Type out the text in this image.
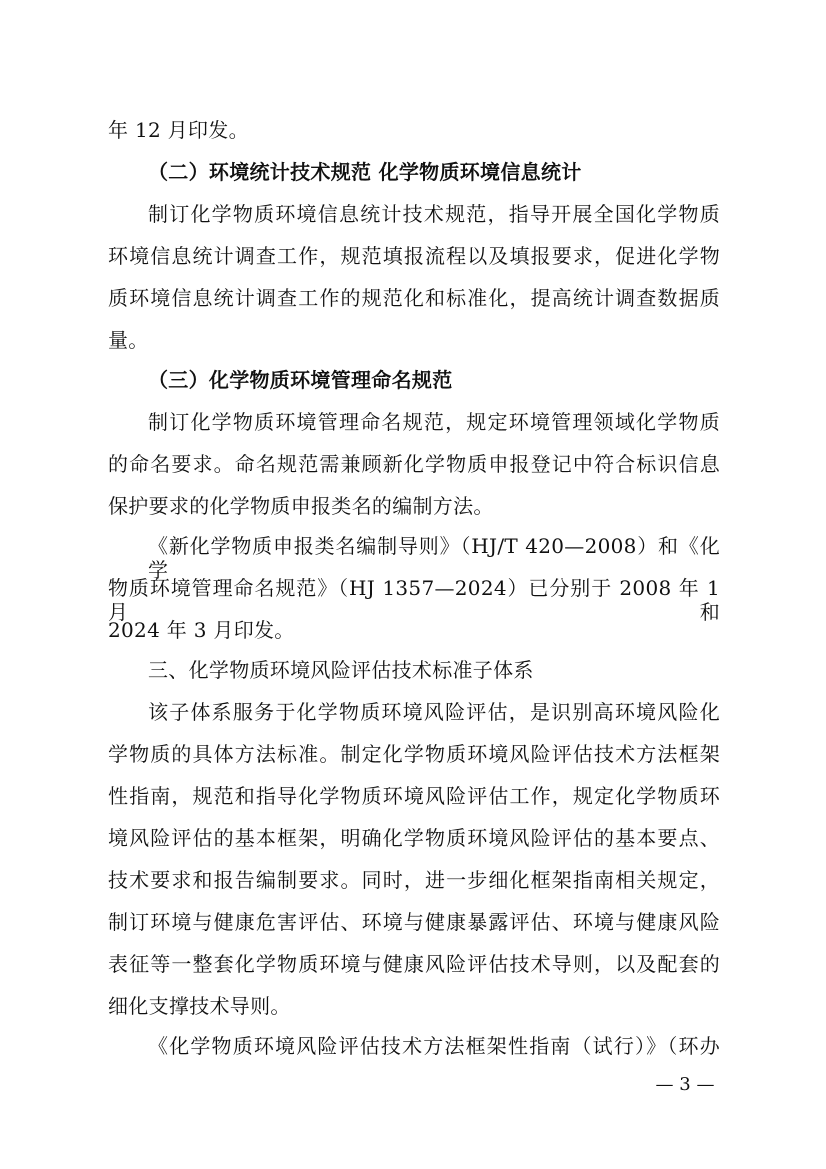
年 12 月印发。
（二）环境统计技术规范 化学物质环境信息统计
制订化学物质环境信息统计技术规范，指导开展全国化学物质
环境信息统计调查工作，规范填报流程以及填报要求，促进化学物
质环境信息统计调查工作的规范化和标准化，提高统计调查数据质
量。
（三）化学物质环境管理命名规范
制订化学物质环境管理命名规范，规定环境管理领域化学物质
的命名要求。命名规范需兼顾新化学物质申报登记中符合标识信息
保护要求的化学物质申报类名的编制方法。
《新化学物质申报类名编制导则》（HJ/T 420—2008）和《化学
物质环境管理命名规范》（HJ 1357—2024）已分别于 2008 年 1 月和
2024 年 3 月印发。
三、化学物质环境风险评估技术标准子体系
该子体系服务于化学物质环境风险评估，是识别高环境风险化
学物质的具体方法标准。制定化学物质环境风险评估技术方法框架
性指南，规范和指导化学物质环境风险评估工作，规定化学物质环
境风险评估的基本框架，明确化学物质环境风险评估的基本要点、
技术要求和报告编制要求。同时，进一步细化框架指南相关规定，
制订环境与健康危害评估、环境与健康暴露评估、环境与健康风险
表征等一整套化学物质环境与健康风险评估技术导则，以及配套的
细化支撑技术导则。
《化学物质环境风险评估技术方法框架性指南（试行）》（环办
— 3 —
